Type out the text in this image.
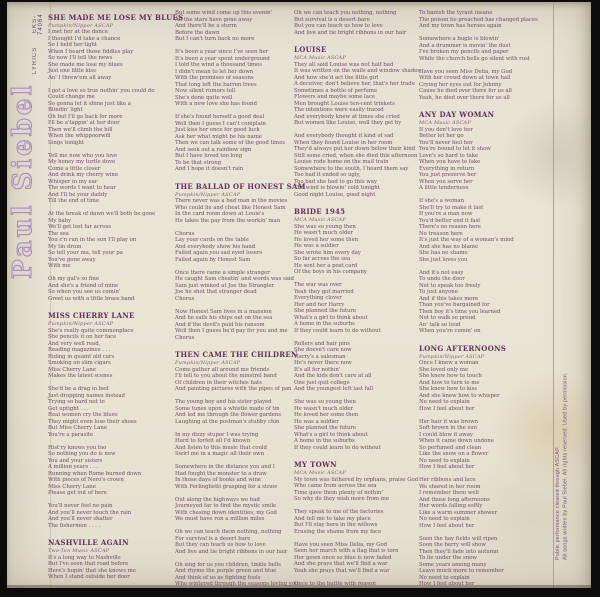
EKS-74064
LYRICS
Paul Siebel
SHE MADE ME LOSE MY BLUES
Pumpkin/Nipper ASCAP
I met her at the dance
I thought I'd take a chance
So I held her tight
When I heard those fiddles play
So now I'll tell the news
She made me lose my blues
Just one little kiss
An' I threw'em all away
I got a love so true nothin' you could do
Could change me
So gonna let it shine just like a
Blindin' light
Oh but I'll go back for more
I'll be a'tappin' at her door
Then we'll climb the hill
When the whippoorwill
Sings tonight
Tell me now who you love
My honey my turtle dove
Come a little closer
And drink my cherry wine
Whisper in my ear
The words I want to hear
And I'll be your daddy
Till the end of time
At the break of dawn we'll both be gone
My baby
We'll get lost far across
The sea
You c'n run in the sun I'll play on
My tin drum
So tell your ma, tell your pa
You've gone away
With me
Oh my gal's so fine
And she's a friend of mine
So when you see us comin'
Greet us with a little brass band
MISS CHERRY LANE
Pumpkin/Nipper ASCAP
She's really quite commonplace
She pencils it on her face
And very well read,
Reading magazines . . .
Riding in quaint old cars
Smoking on slim cigars
Miss Cherry Lane
Makes the latest scenes
She'd be a drag in bed
Just dropping names instead
Trying so hard not to
Get uptight . . .
Real women cry the blues
They might even lose their shoes
But Miss Cherry Lane
You're a parasite
Hist'ry knows you too
So nothing you do is new
You and your sisters
A million years . . .
Running when Rome burned down
With pieces of Nero's crown
Miss Cherry Lane
Please get out of here
You'll never feel no pain
And you'll never touch the rain
And you'll never shatter
The fishermen . . . .
NASHVILLE AGAIN
Two-Ten Music ASCAP
It's a long way to Nashville
But I've seen that road before
Here's hopin' that she knows me
When I stand outside her door
But some wind come up this evenin'
All the stars have gone away
And there'll be a storm
Before the dawn
But I can't turn back no more
It's been a year since I've seen her
It's been a year spent underground
I told the wind a thousand times
I didn't mean to let her down
With the promises of seasons
That long left the barren trees
Now silent rumors tell
She's done quite well
With a new love she has found
If she's found herself a good deal
Well then I guess I can't complain
Just kiss her once for good luck
Ask her what might be his name
Then we can talk some of the good times
And seek out a rainbow sign
But I have loved too long
To be that strong
And I hope it doesn't rain
THE BALLAD OF HONEST SAM
Pumpkin/Nipper ASCAP
There never was a bad man in the movies
Who could lie and cheat like Honest Sam
In the card room down at Louie's
He takes the pay from the workin' man
Chorus
Lay your cards on the table
And everybody show his hand
Failed again you sad eyed losers
Failed again by Honest Sam
Once there came a simple stranger
He caught Sam cheatin' and words was said
Sam just winked at Joe the Strangler
Joe he shot that stranger dead
Chorus
Now Honest Sam lives in a mansion
And he sails his ships out on the sea
And if the devil's paid his ransom
Well then I guess he'd pay for you and me
Chorus
THEN CAME THE CHILDREN
Pumpkin/Nipper ASCAP
Come gather all around me friends
I'll tell to you about the minstrel band
Of children in their witches hats
And painting pictures with the pipes of pan
The young boy and his sister played
Some tunes upon a whistle made of tin
And led me through the flower gardens
Laughing at the postman's stubby chin
In my dizzy stupor I was trying
Hard to forfeit all I'd known
And listen to this music that could
Swirl me in a magic all their own
Somewhere in the distance you and I
Had fought the monster to a draw
In those days of books and wine
With Ferlinghetti grasping for a straw
Out along the highways we had
Journeyed far to find the mystic smile
With chasing down identities, my God
We must have run a million miles
Oh we can teach them nothing, nothing
For survival is a desert bare
But they can teach us how to love
And live and tie bright ribbons in our hair
Oh sing for us you children, tinkle bells
And rhyme the purple green and blue
And think of us as fighting fools
Who wintered through the seasons loving you
Oh we can teach you nothing, nothing
But survival is a desert bare
But you can teach us how to love
And live and tie bright ribbons in our hair
LOUISE
MCA Music ASCAP
They all said Louise was not half bad
It was written on the walls and window shades
And how she'd act the little girl
A deceiver, don't believe her, that's her trade
Sometimes a bottle of perfume
Flowers and maybe some lace
Men brought Louise ten-cent trinkets
The intentions were easily traced
And everybody knew at times she cried
But women like Louise, well they get by
And everybody thought it kind of sad
When they found Louise in her room
They'd always put her down below their kind
Still some cried, when she died this afternoon
Louise rode home on the mail train
Somewhere to the south, I heard them say
Too bad it ended so ugly,
Too bad she had to go this way
The wind is blowin' cold tonight
Good night Louise, good night
BRIDE 1945
MCA Music ASCAP
She was so young then
He wasn't much older
He loved her some then
He was a soldier
She wrote him every day
So far across the sea
He sent her a post card
Of the boys in his company
The war was over
Yeah they got married
Everything clover
Her and her Harry
She planned the future
What's a girl to think about
A home in the suburbs
If they could learn to do without
Rollers and hair pins
She doesn't care now
Harry's a salesman
He's never there now
It's all for nothin'
And the kids don't care at all
One just quit college
And the youngest left last fall
She was so young then
He wasn't much older
He loved her some then
He was a soldier
She planned the future
What's a girl to think about
A home in the suburbs
If they could learn to do without
MY TOWN
MCA Music ASCAP
My town was fathered by orphans, praise God
Who came from across the sea
Time gave them plenty of nothin'
So why do they wish more from me
They speak to me of the factories
And tell me to take my place
But I'll stay here in the willows
Erasing the shame from my face
Have you seen Miss Delia, my God
Seen her march with a flag that is torn
Her gown once so blue is now faded
And she prays that we'll find a war
Yeah she prays that we'll find a war
Once to the battle with reason
To banish the tyrant insane
The poison he preached has changed places
And my town has heroes again
Somewhere a bugle is blowin'
And a drummer is movin' the dust
I've broken my pencils and paper
While the church bells go silent with rust
Have you seen Miss Delia, my God
With her crowd down at town hall
Crying her eyes out for Johnny
Cause he died over there for us all
Yeah, he died over there for us all
ANY DAY WOMAN
MCA Music ASCAP
If you don't love her
Better let her go
You'll never fool her
You're bound to let it show
Love's so hard to take
When you have to fake
Everything in return
You just preserve her
When you serve her
A little tenderness
If she's a woman
She'll try to make it last
If you're a man now
You'd better end it fast
There's no reason here
No treason here
It's just the way of a woman's mind
And she has no blame
She has no shame
She just loves you
And it's not easy
To undo the door
Not to speak too freely
To just anyone
And if this takes more
Than you've bargained for
Then boy it's time you learned
Not to walk so proud
An' talk so loud
When you're comin' on
LONG AFTERNOONS
Pumpkin/Nipper ASCAP
Once I knew a woman
She loved only me
She knew how to touch
And how to turn to me
She knew how to kiss
And she knew how to whisper
No need to explain
How I feel about her
Her hair it was brown
Soft brown in the sun
I could blow it away
When it came down undone
So perfumed and clean
Like the snow on a flower
No need to explain
How I feel about her
Her ribbons and lace
We shared in her room
I remember them well
And those long afternoons
Her words falling softly
Like a warm summer shower
No need to explain
How I feel about her
Soon the hay fields will ripen
Soon the berry will show
Then they'll fade into autumn
To lie under the snow
Some years among many
Leave much more to remember
No need to explain
How I feel about her
All songs written by Paul Siebel. All rights reserved. Used by permission.
Public performance cleared through ASCAP.
